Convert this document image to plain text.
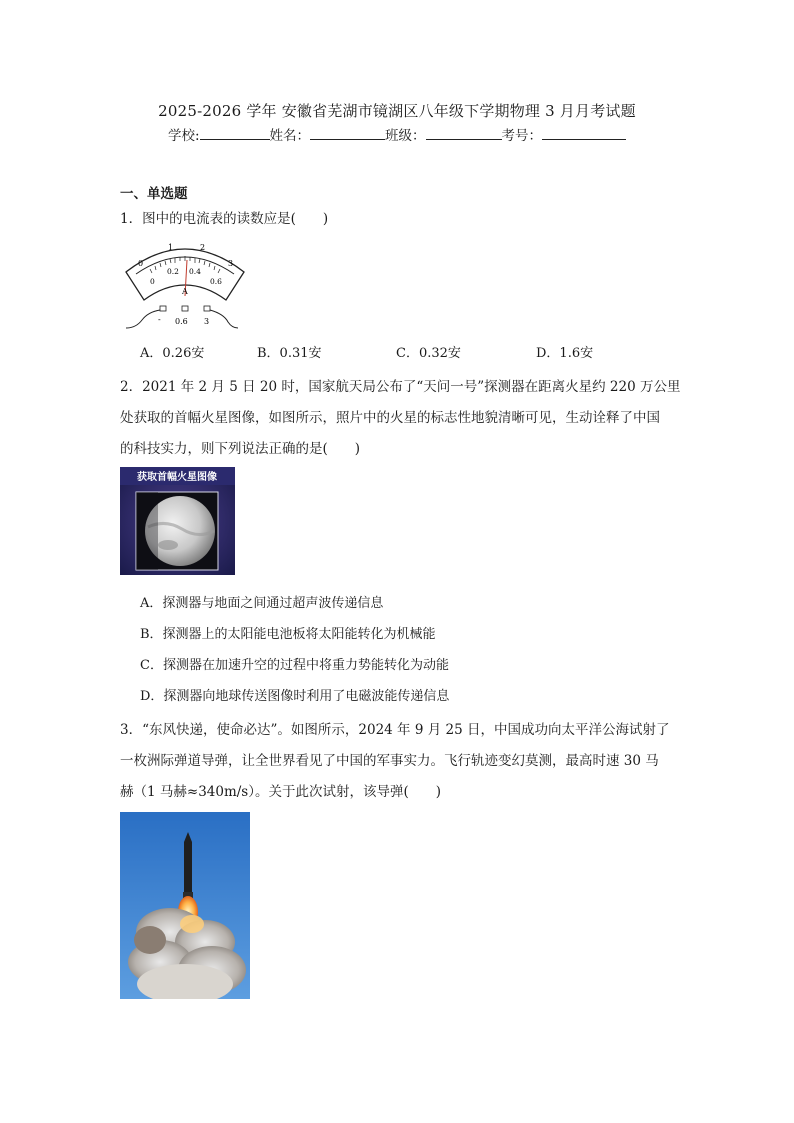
2025-2026 学年 安徽省芜湖市镜湖区八年级下学期物理 3 月月考试题
学校:	姓名：	班级：	考号：
一、单选题
1．图中的电流表的读数应是(　　)
0
1	2
3
0
0.2 0.4
0.6
A
- 0.6 3
A．0.26安	B．0.31安	C．0.32安	D．1.6安
2．2021 年 2 月 5 日 20 时，国家航天局公布了“天问一号”探测器在距离火星约 220 万公里
处获取的首幅火星图像，如图所示，照片中的火星的标志性地貌清晰可见，生动诠释了中国
的科技实力，则下列说法正确的是(　　)
获取首幅火星图像
A．探测器与地面之间通过超声波传递信息
B．探测器上的太阳能电池板将太阳能转化为机械能
C．探测器在加速升空的过程中将重力势能转化为动能
D．探测器向地球传送图像时利用了电磁波能传递信息
3．“东风快递，使命必达”。如图所示，2024 年 9 月 25 日，中国成功向太平洋公海试射了
一枚洲际弹道导弹，让全世界看见了中国的军事实力。飞行轨迹变幻莫测，最高时速 30 马
赫（1 马赫≈340m/s）。关于此次试射，该导弹(　　)
